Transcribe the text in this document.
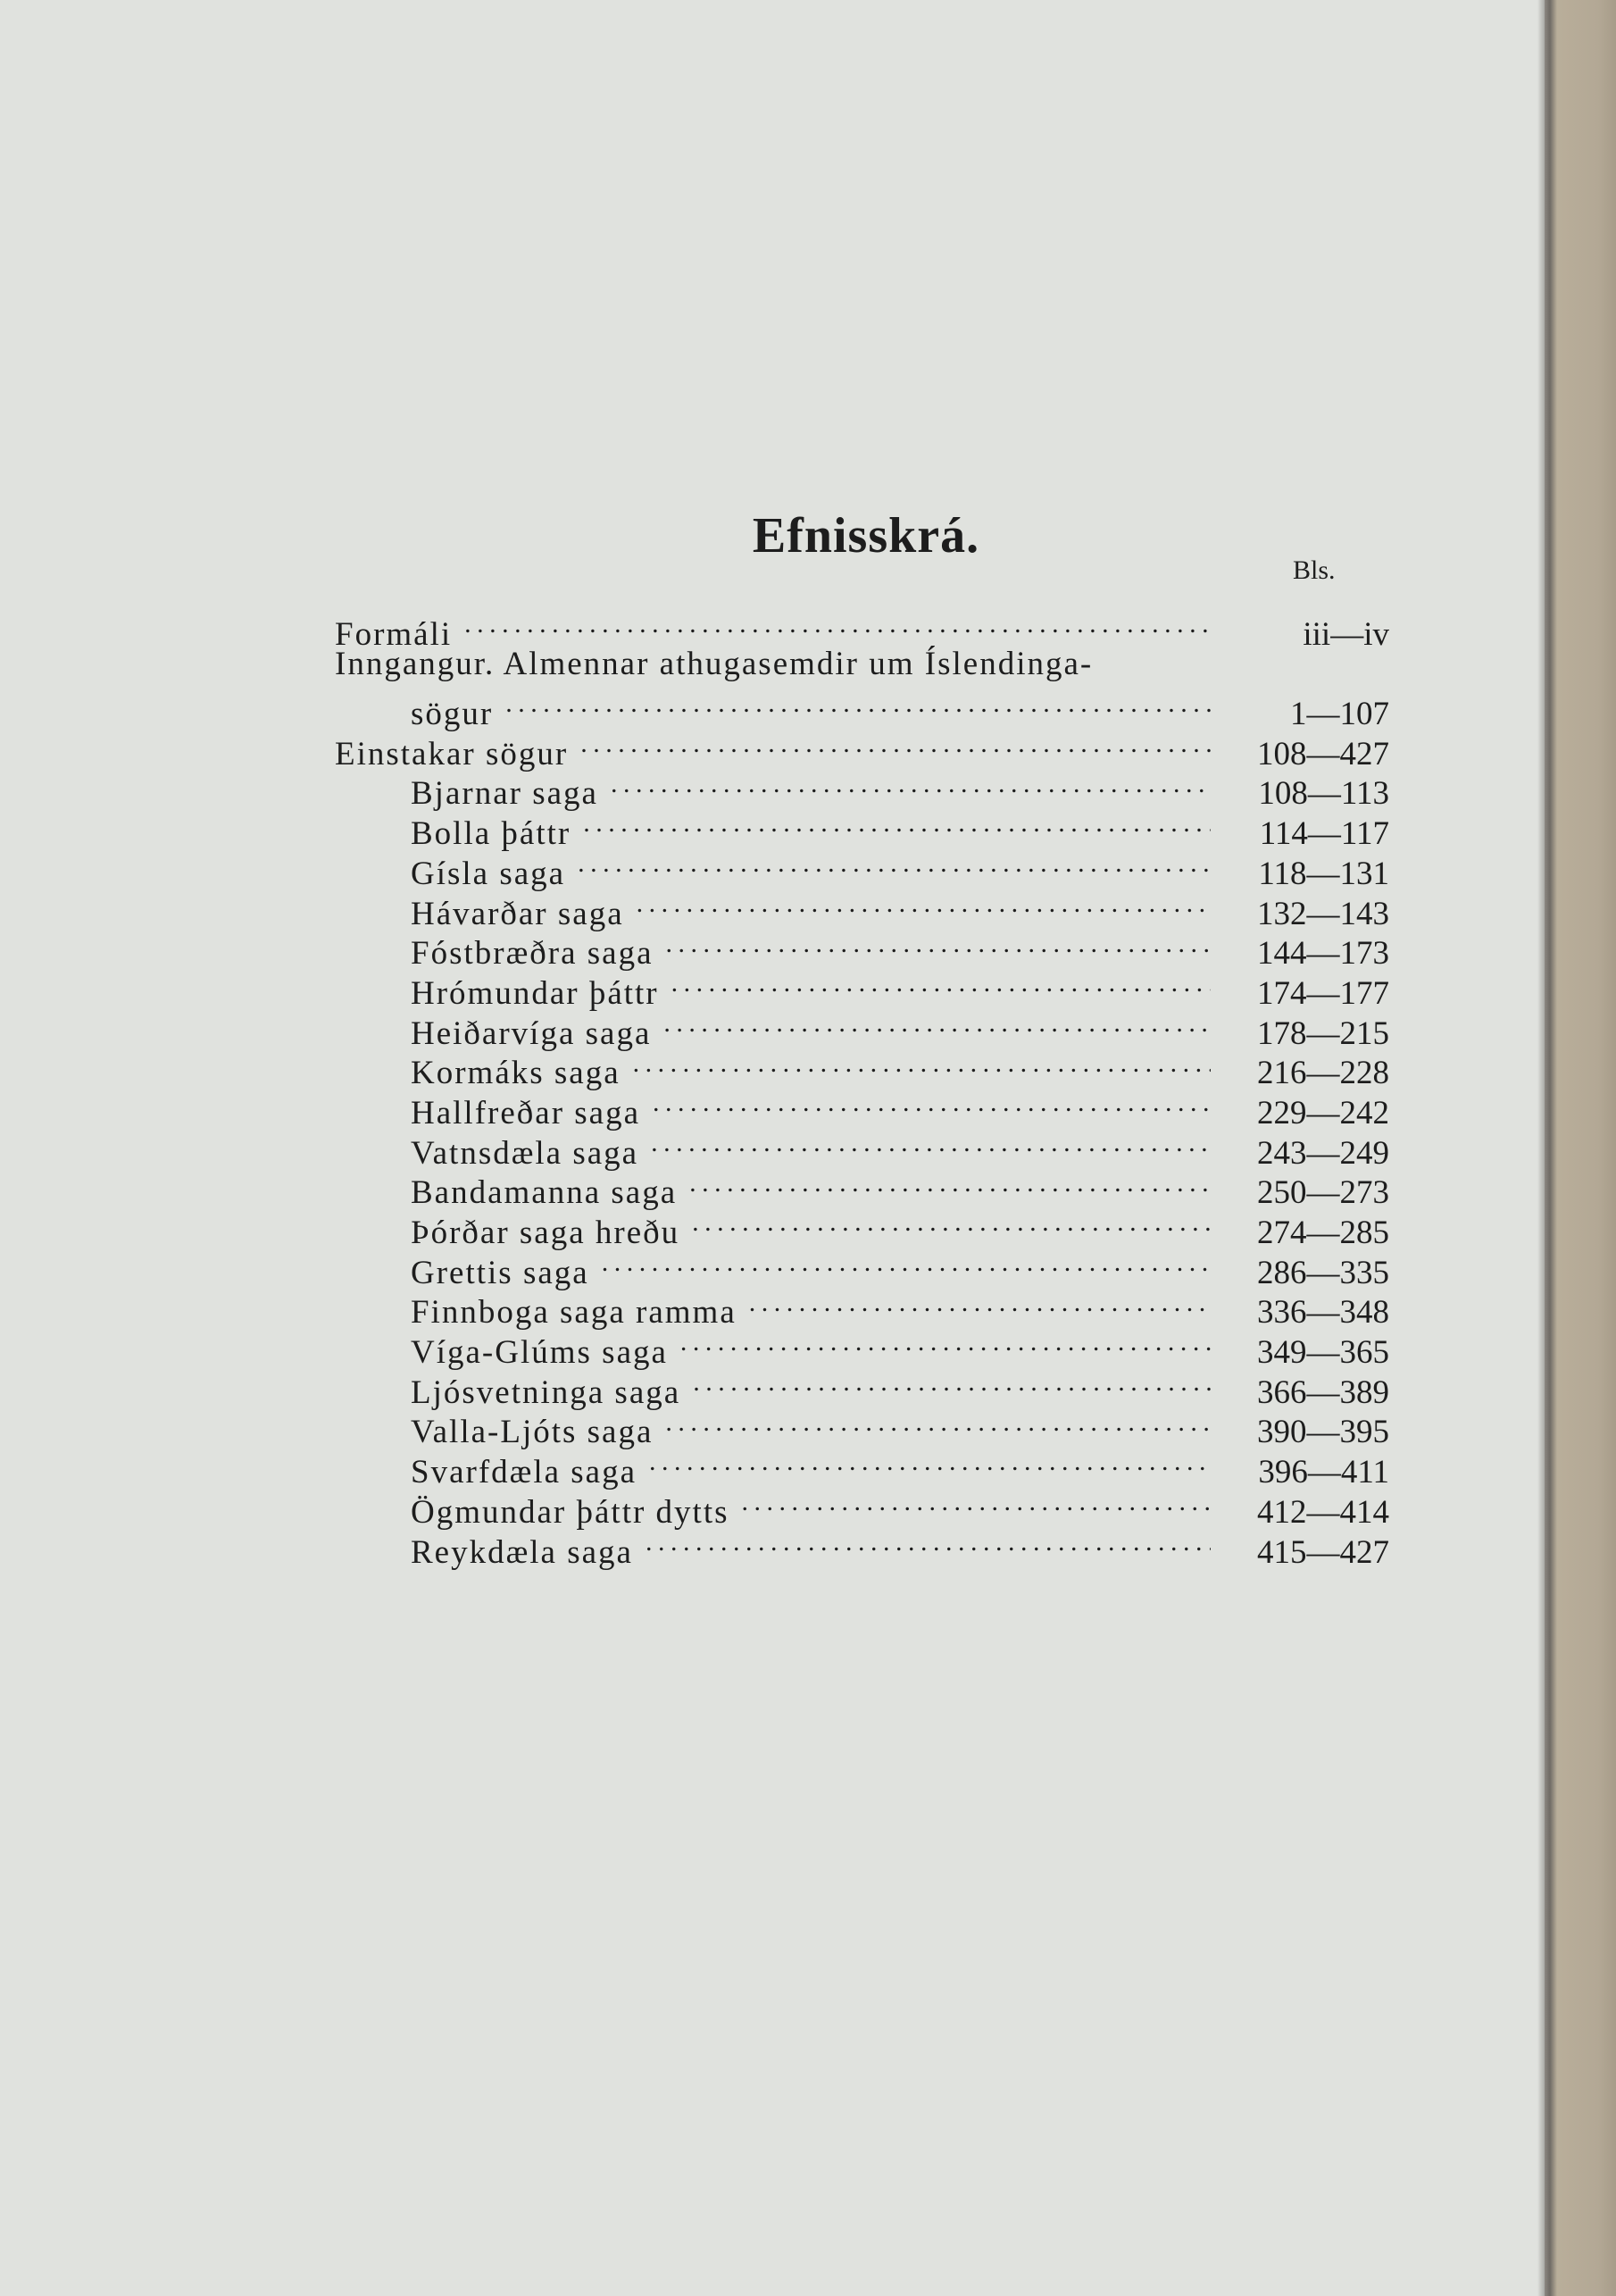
Efnisskrá.
Bls.
Formáli . . .	iii—iv
Inngangur. Almennar athugasemdir um Íslendinga-
sögur . . .	1—107
Einstakar sögur . . .	108—427
Bjarnar saga . . .	108—113
Bolla þáttr . . .	114—117
Gísla saga . . .	118—131
Hávarðar saga . . .	132—143
Fóstbræðra saga . . .	144—173
Hrómundar þáttr . . .	174—177
Heiðarvíga saga . . .	178—215
Kormáks saga . . .	216—228
Hallfreðar saga . . .	229—242
Vatnsdæla saga . . .	243—249
Bandamanna saga . . .	250—273
Þórðar saga hreðu . . .	274—285
Grettis saga . . .	286—335
Finnboga saga ramma . . .	336—348
Víga-Glúms saga . . .	349—365
Ljósvetninga saga . . .	366—389
Valla-Ljóts saga . . .	390—395
Svarfdæla saga . . .	396—411
Ögmundar þáttr dytts . . .	412—414
Reykdæla saga . . .	415—427
